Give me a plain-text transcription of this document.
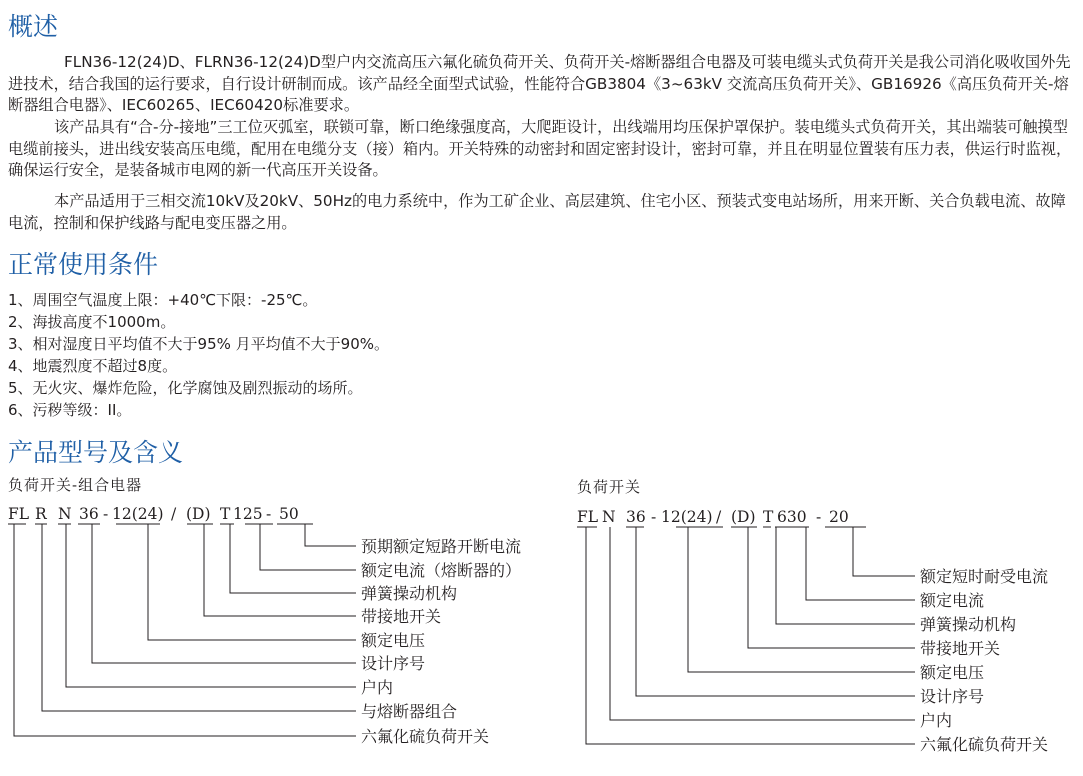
概述

FLN36-12(24)D、FLRN36-12(24)D型户内交流高压六氟化硫负荷开关、负荷开关-熔断器组合电器及可装电缆头式负荷开关是我公司消化吸收国外先进技术，结合我国的运行要求，自行设计研制而成。该产品经全面型式试验，性能符合GB3804《3~63kV 交流高压负荷开关》、GB16926《高压负荷开关-熔断器组合电器》、IEC60265、IEC60420标准要求。

该产品具有“合-分-接地”三工位灭弧室，联锁可靠，断口绝缘强度高，大爬距设计，出线端用均压保护罩保护。装电缆头式负荷开关，其出端装可触摸型电缆前接头，进出线安装高压电缆，配用在电缆分支（接）箱内。开关特殊的动密封和固定密封设计，密封可靠，并且在明显位置装有压力表，供运行时监视，确保运行安全，是装备城市电网的新一代高压开关设备。

本产品适用于三相交流10kV及20kV、50Hz的电力系统中，作为工矿企业、高层建筑、住宅小区、预装式变电站场所，用来开断、关合负载电流、故障电流，控制和保护线路与配电变压器之用。

正常使用条件
1、周围空气温度上限：+40℃下限：-25℃。
2、海拔高度不1000m。
3、相对湿度日平均值不大于95% 月平均值不大于90%。
4、地震烈度不超过8度。
5、无火灾、爆炸危险，化学腐蚀及剧烈振动的场所。
6、污秽等级：II。
产品型号及含义
负荷开关-组合电器
FL R N 36 - 12(24) / (D) T 125 - 50
预期额定短路开断电流
额定电流（熔断器的）
弹簧操动机构
带接地开关
额定电压
设计序号
户内
与熔断器组合
六氟化硫负荷开关
负荷开关
FL N 36 - 12(24) / (D) T 630 - 20
额定短时耐受电流
额定电流
弹簧操动机构
带接地开关
额定电压
设计序号
户内
六氟化硫负荷开关
